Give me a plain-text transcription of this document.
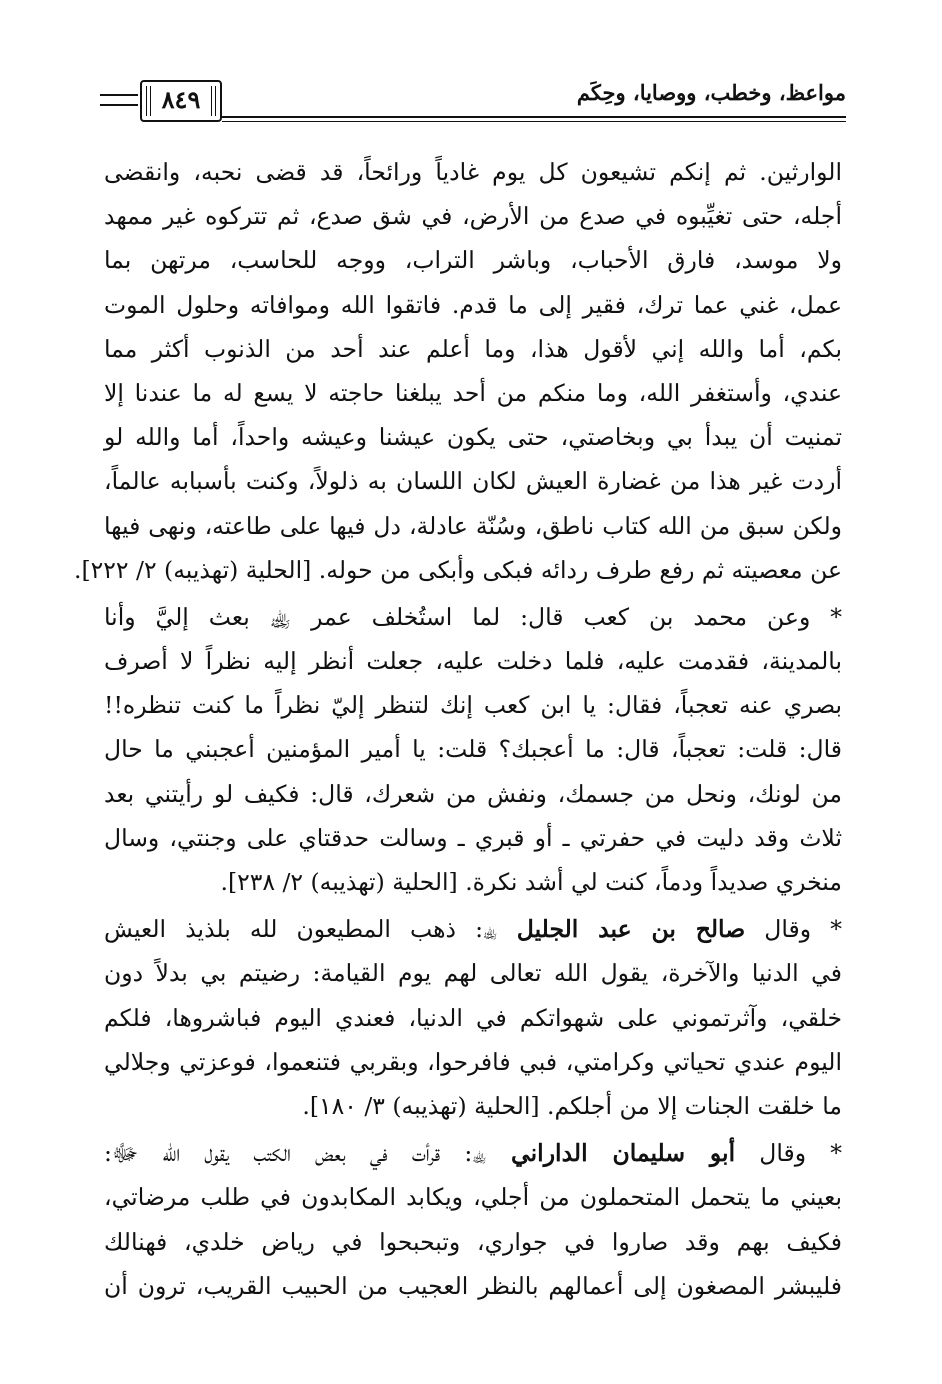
مواعظ، وخطب، ووصايا، وحِكَم
٨٤٩
الوارثين. ثم إنكم تشيعون كل يوم غادياً ورائحاً، قد قضى نحبه، وانقضى
أجله، حتى تغيِّبوه في صدع من الأرض، في شق صدع، ثم تتركوه غير ممهد
ولا موسد، فارق الأحباب، وباشر التراب، ووجه للحاسب، مرتهن بما
عمل، غني عما ترك، فقير إلى ما قدم. فاتقوا الله وموافاته وحلول الموت
بكم، أما والله إني لأقول هذا، وما أعلم عند أحد من الذنوب أكثر مما
عندي، وأستغفر الله، وما منكم من أحد يبلغنا حاجته لا يسع له ما عندنا إلا
تمنيت أن يبدأ بي وبخاصتي، حتى يكون عيشنا وعيشه واحداً، أما والله لو
أردت غير هذا من غضارة العيش لكان اللسان به ذلولاً، وكنت بأسبابه عالماً،
ولكن سبق من الله كتاب ناطق، وسُنّة عادلة، دل فيها على طاعته، ونهى فيها
عن معصيته ثم رفع طرف ردائه فبكى وأبكى من حوله. [الحلية (تهذيبه) ٢/ ٢٢٢].
* وعن محمد بن كعب قال: لما استُخلف عمر ﵀ بعث إليَّ وأنا
بالمدينة، فقدمت عليه، فلما دخلت عليه، جعلت أنظر إليه نظراً لا أصرف
بصري عنه تعجباً، فقال: يا ابن كعب إنك لتنظر إليّ نظراً ما كنت تنظره!!
قال: قلت: تعجباً، قال: ما أعجبك؟ قلت: يا أمير المؤمنين أعجبني ما حال
من لونك، ونحل من جسمك، ونفش من شعرك، قال: فكيف لو رأيتني بعد
ثلاث وقد دليت في حفرتي ـ أو قبري ـ وسالت حدقتاي على وجنتي، وسال
منخري صديداً ودماً، كنت لي أشد نكرة. [الحلية (تهذيبه) ٢/ ٢٣٨].
* وقال صالح بن عبد الجليل ﵀: ذهب المطيعون لله بلذيذ العيش
في الدنيا والآخرة، يقول الله تعالى لهم يوم القيامة: رضيتم بي بدلاً دون
خلقي، وآثرتموني على شهواتكم في الدنيا، فعندي اليوم فباشروها، فلكم
اليوم عندي تحياتي وكرامتي، فبي فافرحوا، وبقربي فتنعموا، فوعزتي وجلالي
ما خلقت الجنات إلا من أجلكم. [الحلية (تهذيبه) ٣/ ١٨٠].
* وقال أبو سليمان الداراني ﵀: قرأت في بعض الكتب يقول الله ﷻ:
بعيني ما يتحمل المتحملون من أجلي، ويكابد المكابدون في طلب مرضاتي،
فكيف بهم وقد صاروا في جواري، وتبحبحوا في رياض خلدي، فهنالك
فليبشر المصغون إلى أعمالهم بالنظر العجيب من الحبيب القريب، ترون أن
